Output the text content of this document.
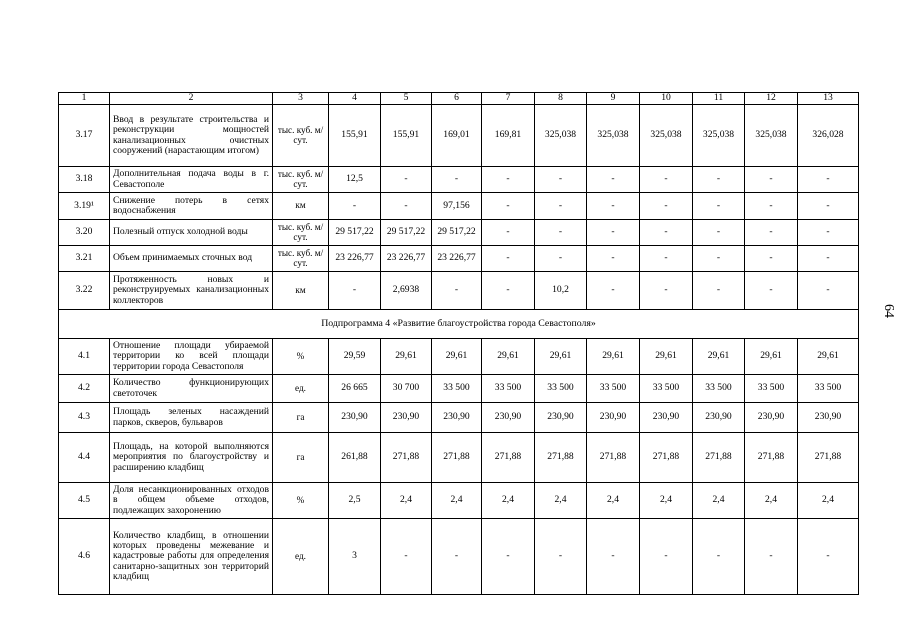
1	2	3	4	5	6	7	8	9	10	11	12	13
3.17	Ввод в результате строительства и реконструкции мощностей канализационных очистных сооружений (нарастающим итогом)	тыс. куб. м/сут.	155,91	155,91	169,01	169,81	325,038	325,038	325,038	325,038	325,038	326,028
3.18	Дополнительная подача воды в г. Севастополе	тыс. куб. м/сут.	12,5	-	-	-	-	-	-	-	-	-
3.19¹	Снижение потерь в сетях водоснабжения	км	-	-	97,156	-	-	-	-	-	-	-
3.20	Полезный отпуск холодной воды	тыс. куб. м/сут.	29 517,22	29 517,22	29 517,22	-	-	-	-	-	-	-
3.21	Объем принимаемых сточных вод	тыс. куб. м/сут.	23 226,77	23 226,77	23 226,77	-	-	-	-	-	-	-
3.22	Протяженность новых и реконструируемых канализационных коллекторов	км	-	2,6938	-	-	10,2	-	-	-	-	-
Подпрограмма 4 «Развитие благоустройства города Севастополя»												
4.1	Отношение площади убираемой территории ко всей площади территории города Севастополя	%	29,59	29,61	29,61	29,61	29,61	29,61	29,61	29,61	29,61	29,61
4.2	Количество функционирующих светоточек	ед.	26 665	30 700	33 500	33 500	33 500	33 500	33 500	33 500	33 500	33 500
4.3	Площадь зеленых насаждений парков, скверов, бульваров	га	230,90	230,90	230,90	230,90	230,90	230,90	230,90	230,90	230,90	230,90
4.4	Площадь, на которой выполняются мероприятия по благоустройству и расширению кладбищ	га	261,88	271,88	271,88	271,88	271,88	271,88	271,88	271,88	271,88	271,88
4.5	Доля несанкционированных отходов в общем объеме отходов, подлежащих захоронению	%	2,5	2,4	2,4	2,4	2,4	2,4	2,4	2,4	2,4	2,4
4.6	Количество кладбищ, в отношении которых проведены межевание и кадастровые работы для определения санитарно-защитных зон территорий кладбищ	ед.	3	-	-	-	-	-	-	-	-	-
64
